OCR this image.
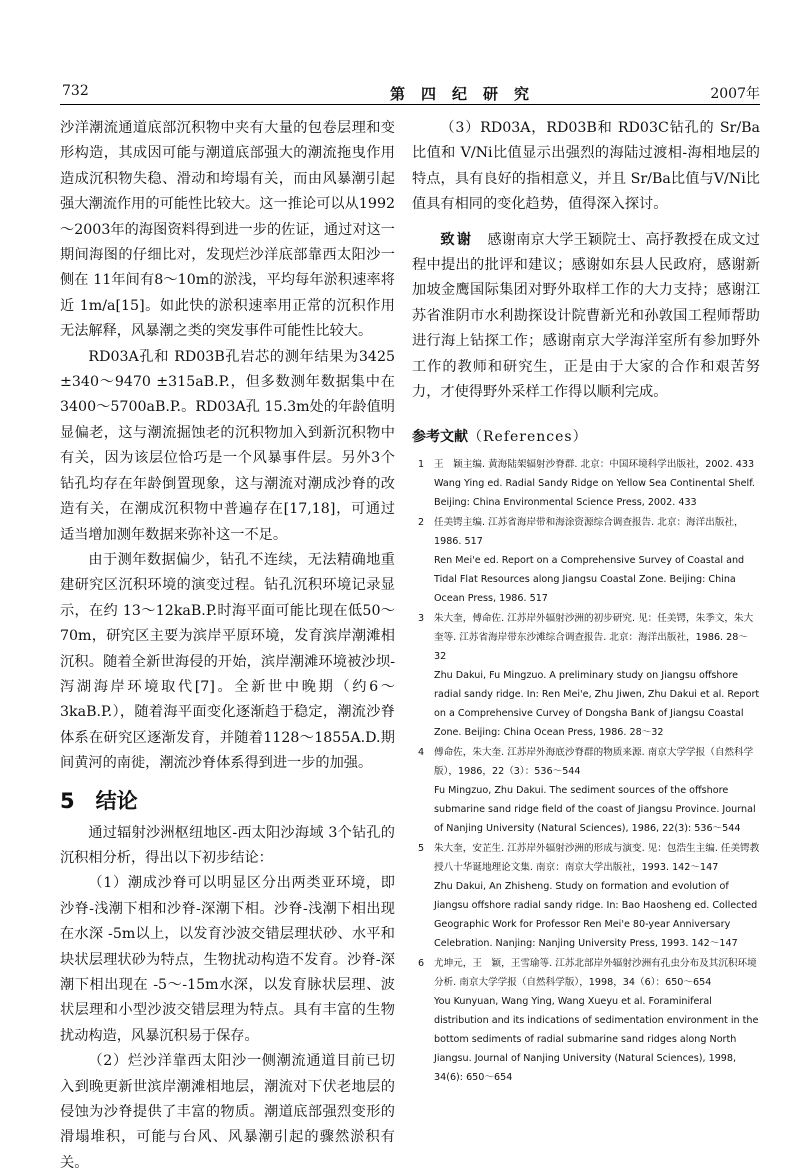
732	第四纪研究	2007年

沙洋潮流通道底部沉积物中夹有大量的包卷层理和变形构造，其成因可能与潮道底部强大的潮流拖曳作用造成沉积物失稳、滑动和垮塌有关，而由风暴潮引起强大潮流作用的可能性比较大。这一推论可以从1992～2003年的海图资料得到进一步的佐证，通过对这一期间海图的仔细比对，发现烂沙洋底部靠西太阳沙一侧在 11年间有8～10m的淤浅，平均每年淤积速率将近 1m/a[15]。如此快的淤积速率用正常的沉积作用无法解释，风暴潮之类的突发事件可能性比较大。

RD03A孔和 RD03B孔岩芯的测年结果为3425 ±340～9470 ±315aB.P.，但多数测年数据集中在3400～5700aB.P.。RD03A孔 15.3m处的年龄值明显偏老，这与潮流掘蚀老的沉积物加入到新沉积物中有关，因为该层位恰巧是一个风暴事件层。另外3个钻孔均存在年龄倒置现象，这与潮流对潮成沙脊的改造有关，在潮成沉积物中普遍存在[17,18]，可通过适当增加测年数据来弥补这一不足。

由于测年数据偏少，钻孔不连续，无法精确地重建研究区沉积环境的演变过程。钻孔沉积环境记录显示，在约 13～12kaB.P.时海平面可能比现在低50～70m，研究区主要为滨岸平原环境，发育滨岸潮滩相沉积。随着全新世海侵的开始，滨岸潮滩环境被沙坝-泻湖海岸环境取代[7]。全新世中晚期（约6～3kaB.P.），随着海平面变化逐渐趋于稳定，潮流沙脊体系在研究区逐渐发育，并随着1128～1855A.D.期间黄河的南徙，潮流沙脊体系得到进一步的加强。

5　结论

通过辐射沙洲枢纽地区-西太阳沙海域 3个钻孔的沉积相分析，得出以下初步结论：

（1）潮成沙脊可以明显区分出两类亚环境，即沙脊-浅潮下相和沙脊-深潮下相。沙脊-浅潮下相出现在水深 -5m以上，以发育沙波交错层理状砂、水平和块状层理状砂为特点，生物扰动构造不发育。沙脊-深潮下相出现在 -5～-15m水深，以发育脉状层理、波状层理和小型沙波交错层理为特点。具有丰富的生物扰动构造，风暴沉积易于保存。

（2）烂沙洋靠西太阳沙一侧潮流通道目前已切入到晚更新世滨岸潮滩相地层，潮流对下伏老地层的侵蚀为沙脊提供了丰富的物质。潮道底部强烈变形的滑塌堆积，可能与台风、风暴潮引起的骤然淤积有关。

（3）RD03A，RD03B和 RD03C钻孔的 Sr/Ba比值和 V/Ni比值显示出强烈的海陆过渡相-海相地层的特点，具有良好的指相意义，并且 Sr/Ba比值与V/Ni比值具有相同的变化趋势，值得深入探讨。

致谢　感谢南京大学王颖院士、高抒教授在成文过程中提出的批评和建议；感谢如东县人民政府，感谢新加坡金鹰国际集团对野外取样工作的大力支持；感谢江苏省淮阴市水利勘探设计院曹新光和孙敦国工程师帮助进行海上钻探工作；感谢南京大学海洋室所有参加野外工作的教师和研究生，正是由于大家的合作和艰苦努力，才使得野外采样工作得以顺利完成。

参考文献（References）
1 王　颖主编. 黄海陆架辐射沙脊群. 北京：中国环境科学出版社，2002. 433
Wang Ying ed. Radial Sandy Ridge on Yellow Sea Continental Shelf. Beijing: China Environmental Science Press, 2002. 433
2 任美锷主编. 江苏省海岸带和海涂资源综合调查报告. 北京：海洋出版社，1986. 517
Ren Mei'e ed. Report on a Comprehensive Survey of Coastal and Tidal Flat Resources along Jiangsu Coastal Zone. Beijing: China Ocean Press, 1986. 517
3 朱大奎，傅命佐. 江苏岸外辐射沙洲的初步研究. 见：任美锷，朱季文，朱大奎等. 江苏省海岸带东沙滩综合调查报告. 北京：海洋出版社，1986. 28～32
Zhu Dakui, Fu Mingzuo. A preliminary study on Jiangsu offshore radial sandy ridge. In: Ren Mei'e, Zhu Jiwen, Zhu Dakui et al. Report on a Comprehensive Curvey of Dongsha Bank of Jiangsu Coastal Zone. Beijing: China Ocean Press, 1986. 28～32
4 傅命佐，朱大奎. 江苏岸外海底沙脊群的物质来源. 南京大学学报（自然科学版），1986，22（3）：536～544
Fu Mingzuo, Zhu Dakui. The sediment sources of the offshore submarine sand ridge field of the coast of Jiangsu Province. Journal of Nanjing University (Natural Sciences), 1986, 22(3): 536～544
5 朱大奎，安芷生. 江苏岸外辐射沙洲的形成与演变. 见：包浩生主编. 任美锷教授八十华诞地理论文集. 南京：南京大学出版社，1993. 142～147
Zhu Dakui, An Zhisheng. Study on formation and evolution of Jiangsu offshore radial sandy ridge. In: Bao Haosheng ed. Collected Geographic Work for Professor Ren Mei'e 80-year Anniversary Celebration. Nanjing: Nanjing University Press, 1993. 142～147
6 尤坤元，王　颖，王雪瑜等. 江苏北部岸外辐射沙洲有孔虫分布及其沉积环境分析. 南京大学学报（自然科学版），1998，34（6）：650～654
You Kunyuan, Wang Ying, Wang Xueyu et al. Foraminiferal distribution and its indications of sedimentation environment in the bottom sediments of radial submarine sand ridges along North Jiangsu. Journal of Nanjing University (Natural Sciences), 1998, 34(6): 650～654
